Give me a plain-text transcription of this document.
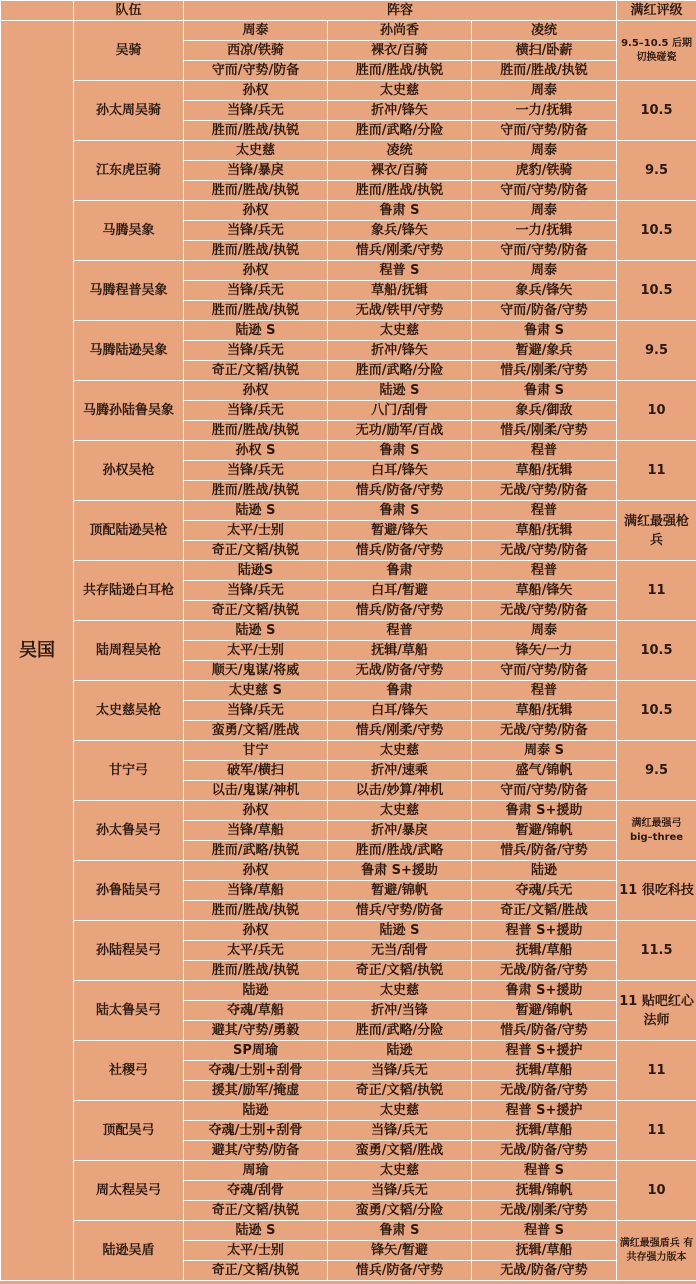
	队伍	阵容			满红评级
吴国	吴骑	周泰	孙尚香	凌统	9.5–10.5 后期切换碰瓷
		西凉/铁骑	裸衣/百骑	横扫/卧薪	
		守而/守势/防备	胜而/胜战/执锐	胜而/胜战/执锐	
	孙太周吴骑	孙权	太史慈	周泰	10.5
		当锋/兵无	折冲/锋矢	一力/抚辑	
		胜而/胜战/执锐	胜而/武略/分险	守而/守势/防备	
	江东虎臣骑	太史慈	凌统	周泰	9.5
		当锋/暴戾	裸衣/百骑	虎豹/铁骑	
		胜而/胜战/执锐	胜而/胜战/执锐	守而/守势/防备	
	马腾吴象	孙权	鲁肃 S	周泰	10.5
		当锋/兵无	象兵/锋矢	一力/抚辑	
		胜而/胜战/执锐	惜兵/刚柔/守势	守而/守势/防备	
	马腾程普吴象	孙权	程普 S	周泰	10.5
		当锋/兵无	草船/抚辑	象兵/锋矢	
		胜而/胜战/执锐	无战/铁甲/守势	守而/防备/守势	
	马腾陆逊吴象	陆逊 S	太史慈	鲁肃 S	9.5
		当锋/兵无	折冲/锋矢	暂避/象兵	
		奇正/文韬/执锐	胜而/武略/分险	惜兵/刚柔/守势	
	马腾孙陆鲁吴象	孙权	陆逊 S	鲁肃 S	10
		当锋/兵无	八门/刮骨	象兵/御敌	
		胜而/胜战/执锐	无功/励军/百战	惜兵/刚柔/守势	
	孙权吴枪	孙权 S	鲁肃 S	程普	11
		当锋/兵无	白耳/锋矢	草船/抚辑	
		胜而/胜战/执锐	惜兵/防备/守势	无战/守势/防备	
	顶配陆逊吴枪	陆逊 S	鲁肃 S	程普	满红最强枪兵
		太平/士别	暂避/锋矢	草船/抚辑	
		奇正/文韬/执锐	惜兵/防备/守势	无战/守势/防备	
	共存陆逊白耳枪	陆逊S	鲁肃	程普	11
		当锋/兵无	白耳/暂避	草船/锋矢	
		奇正/文韬/执锐	惜兵/防备/守势	无战/守势/防备	
	陆周程吴枪	陆逊 S	程普	周泰	10.5
		太平/士别	抚辑/草船	锋矢/一力	
		顺天/鬼谋/将威	无战/防备/守势	守而/守势/防备	
	太史慈吴枪	太史慈 S	鲁肃	程普	10.5
		当锋/兵无	白耳/锋矢	草船/抚辑	
		蛮勇/文韬/胜战	惜兵/刚柔/守势	无战/守势/防备	
	甘宁弓	甘宁	太史慈	周泰 S	9.5
		破军/横扫	折冲/速乘	盛气/锦帆	
		以击/鬼谋/神机	以击/妙算/神机	守而/守势/防备	
	孙太鲁吴弓	孙权	太史慈	鲁肃 S+援助	满红最强弓 big–three
		当锋/草船	折冲/暴戾	暂避/锦帆	
		胜而/武略/执锐	胜而/胜战/武略	惜兵/防备/守势	
	孙鲁陆吴弓	孙权	鲁肃 S+援助	陆逊	11 很吃科技
		当锋/草船	暂避/锦帆	夺魂/兵无	
		胜而/胜战/执锐	惜兵/守势/防备	奇正/文韬/胜战	
	孙陆程吴弓	孙权	陆逊 S	程普 S+援助	11.5
		太平/兵无	无当/刮骨	抚辑/草船	
		胜而/胜战/执锐	奇正/文韬/执锐	无战/防备/守势	
	陆太鲁吴弓	陆逊	太史慈	鲁肃 S+援助	11 贴吧红心法师
		夺魂/草船	折冲/当锋	暂避/锦帆	
		避其/守势/勇毅	胜而/武略/分险	惜兵/防备/守势	
	社稷弓	SP周瑜	陆逊	程普 S+援护	11
		夺魂/士别+刮骨	当锋/兵无	抚辑/草船	
		援其/励军/掩虚	奇正/文韬/执锐	无战/防备/守势	
	顶配吴弓	陆逊	太史慈	程普 S+援护	11
		夺魂/士别+刮骨	当锋/兵无	抚辑/草船	
		避其/守势/防备	蛮勇/文韬/胜战	无战/防备/守势	
	周太程吴弓	周瑜	太史慈	程普 S	10
		夺魂/刮骨	当锋/兵无	抚辑/锦帆	
		奇正/文韬/执锐	蛮勇/文韬/分险	无战/刚柔/守势	
	陆逊吴盾	陆逊 S	鲁肃 S	程普 S	满红最强盾兵 有共存强力版本
		太平/士别	锋矢/暂避	抚辑/草船	
		奇正/文韬/执锐	惜兵/防备/守势	无战/防备/守势	
